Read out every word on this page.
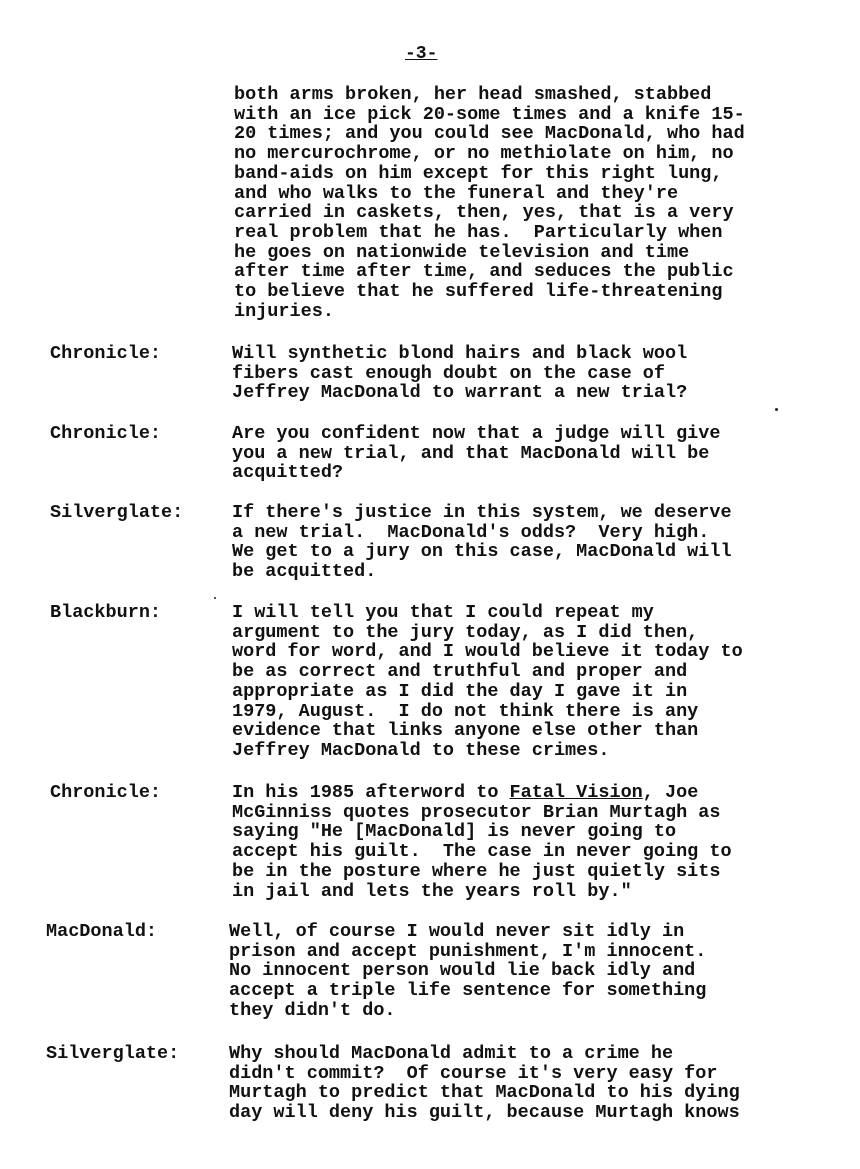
-3-
both arms broken, her head smashed, stabbed
with an ice pick 20-some times and a knife 15-
20 times; and you could see MacDonald, who had
no mercurochrome, or no methiolate on him, no
band-aids on him except for this right lung,
and who walks to the funeral and they're
carried in caskets, then, yes, that is a very
real problem that he has.  Particularly when
he goes on nationwide television and time
after time after time, and seduces the public
to believe that he suffered life-threatening
injuries.
Chronicle:	Will synthetic blond hairs and black wool
fibers cast enough doubt on the case of
Jeffrey MacDonald to warrant a new trial?
Chronicle:	Are you confident now that a judge will give
you a new trial, and that MacDonald will be
acquitted?
Silverglate:	If there's justice in this system, we deserve
a new trial.  MacDonald's odds?  Very high.
We get to a jury on this case, MacDonald will
be acquitted.
Blackburn:	I will tell you that I could repeat my
argument to the jury today, as I did then,
word for word, and I would believe it today to
be as correct and truthful and proper and
appropriate as I did the day I gave it in
1979, August.  I do not think there is any
evidence that links anyone else other than
Jeffrey MacDonald to these crimes.
Chronicle:	In his 1985 afterword to Fatal Vision, Joe
McGinniss quotes prosecutor Brian Murtagh as
saying "He [MacDonald] is never going to
accept his guilt.  The case in never going to
be in the posture where he just quietly sits
in jail and lets the years roll by."
MacDonald:	Well, of course I would never sit idly in
prison and accept punishment, I'm innocent.
No innocent person would lie back idly and
accept a triple life sentence for something
they didn't do.
Silverglate:	Why should MacDonald admit to a crime he
didn't commit?  Of course it's very easy for
Murtagh to predict that MacDonald to his dying
day will deny his guilt, because Murtagh knows
